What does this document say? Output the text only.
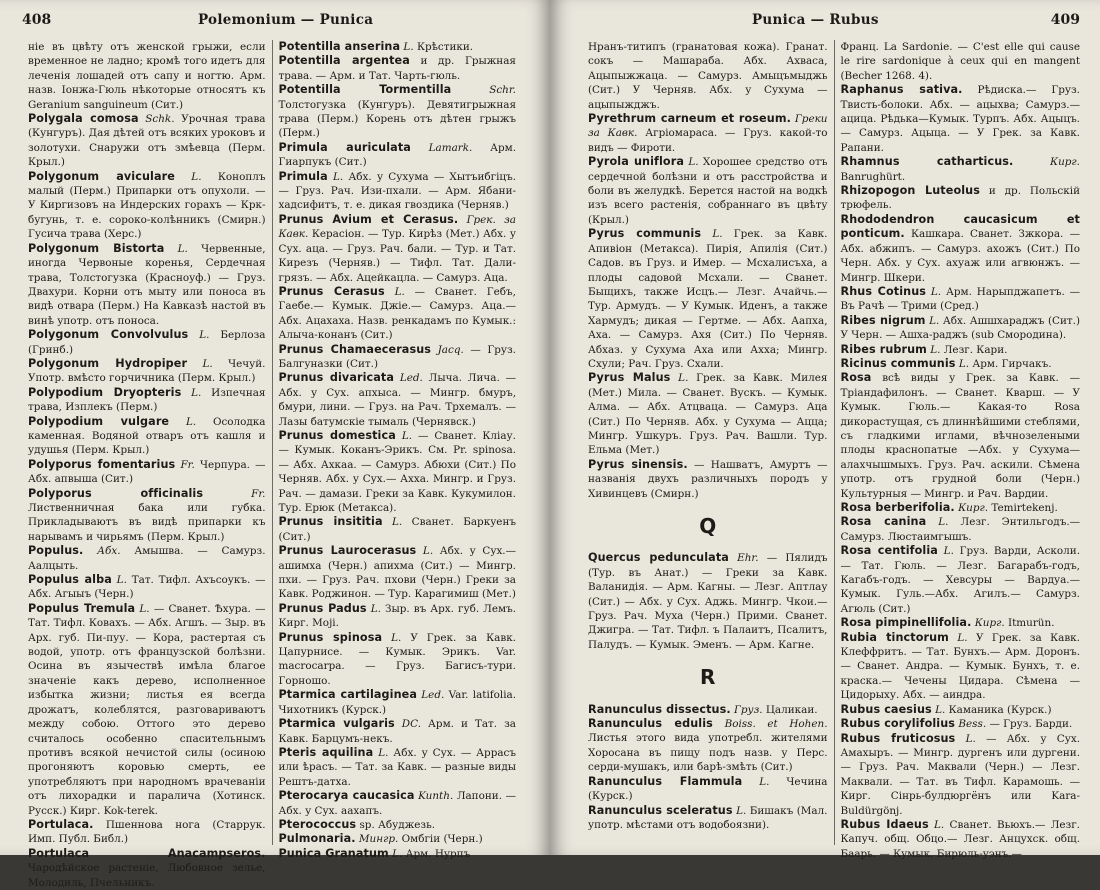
408	Polemonium — Punica

ніе въ цвѣту отъ женской грыжи, если временное не ладно; кромѣ того идетъ для леченія лошадей отъ сапу и ногтю. Арм. назв. Іонжа-Гюль нѣкоторые относятъ къ Geranium sanguineum (Сит.)

Polygala comosa Schk. Урочная трава (Кунгуръ). Дая дѣтей отъ всяких уроковъ и золотухи. Снаружи отъ змѣевца (Перм. Крыл.)

Polygonum aviculare L. Коноплъ малый (Перм.) Припарки отъ опухоли. — У Киргизовъ на Индерских горахъ — Крк-бугунь, т. е. сороко-колѣнникъ (Смирн.) Гусича трава (Херс.)

Polygonum Bistorta L. Червенные, иногда Червоные коренья, Сердечная трава, Толстогузка (Красноуф.) — Груз. Двахури. Корни отъ мыту или поноса въ видѣ отвара (Перм.) На Кавказѣ настой въ винѣ употр. отъ поноса.

Polygonum Convolvulus L. Берлоза (Гринб.)

Polygonum Hydropiper L. Чечуй. Употр. вмѣсто горчичника (Перм. Крыл.)

Polypodium Dryopteris L. Изпечная трава, Изплекъ (Перм.)

Polypodium vulgare L. Осолодка каменная. Водяной отваръ отъ кашля и удушья (Перм. Крыл.)

Polyporus fomentarius Fr. Черпура. — Абх. апвыша (Сит.)

Polyporus officinalis	Fr. Лиственничная бака или губка. Прикладываютъ въ видѣ припарки къ нарывамъ и чирьямъ (Перм. Крыл.)

Populus. Абх. Амышва. — Самурз. Аалцыть.

Populus alba L. Тат. Тифл. Ахъсоукъ. — Абх. Агыыъ (Черн.)

Populus Tremula L. — Сванет. Ѣхура. — Тат. Тифл. Ковахъ. — Абх. Агшъ. — Зыр. въ Арх. губ. Пи-пуу. — Кора, растертая съ водой, употр. отъ французской болѣзни. Осина въ язычествѣ имѣла благое значеніе какъ дерево, исполненное избытка жизни; листья ея всегда дрожатъ, колеблятся, разговариваютъ между собою. Оттого это дерево считалось особенно спасительнымъ противъ всякой нечистой силы (осиною прогоняютъ коровью смерть, ее употребляютъ при народномъ врачеваніи отъ лихорадки и паралича (Хотинск. Русск.) Кирг. Kok-terek.

Portulaca. Пшеннова нога (Старрук. Имп. Публ. Библ.)

Portulaca Anacampseros. Чародѣйское растеніе, Любовное зелье, Молодиль, Пчельникъ.

Potentilla anserina L. Крѣстики.

Potentilla argentea и др. Грыжная трава. — Арм. и Тат. Чарть-гюль.

Potentilla Tormentilla	Schr. Толстогузка (Кунгуръ). Девятигрыжная трава (Перм.) Корень отъ дѣтен грыжъ (Перм.)

Primula auriculata Lamark. Арм. Гиарпукъ (Сит.)

Primula L. Абх. у Сухума — Хытъибгіцъ. — Груз. Рач. Изи-пхали. — Арм. Ябани-хадсифитъ, т. е. дикая гвоздика (Черняв.)

Prunus Avium et Cerasus. Грек. за Кавк. Керасіон. — Тур. Кирѣз (Мет.) Абх. у Сух. аца. — Груз. Рач. бали. — Тур. и Тат. Кирезъ (Черняв.) — Тифл. Тат. Дали-грязъ. — Абх. Ацейкацла. — Самурз. Аца.

Prunus Cerasus L. — Сванет. Гебъ, Гаебе.— Кумык. Джіе.— Самурз. Аца.— Абх. Ацахаха. Назв. ренкадамъ по Кумык.: Алыча-конанъ (Сит.)

Prunus Chamaecerasus Jacq. — Груз. Балгуназки (Сит.)

Prunus divaricata Led. Лыча. Лича. — Абх. у Сух. апхыса. — Мингр. бмуръ, бмури, лини. — Груз. на Рач. Трхемалъ. — Лазы батумскіе тымаль (Чернявск.)

Prunus domestica L. — Сванет. Кліау. — Кумык. Коканъ-Эрикъ. См. Pr. spinosa. — Абх. Ахкаа. — Самурз. Абюхи (Сит.) По Черняв. Абх. у Сух.— Ахха. Мингр. и Груз. Рач. — дамази. Греки за Кавк. Кукумилон. Тур. Ерюк (Метакса).

Prunus insititia L. Сванет. Баркуенъ (Сит.)

Prunus Laurocerasus L. Абх. у Сух.— ашимха (Черн.) апихма (Сит.) — Мингр. пхи. — Груз. Рач. пхови (Черн.) Греки за Кавк. Роджинон. — Тур. Карагимиш (Мет.)

Prunus Padus L. Зыр. въ Арх. губ. Лемъ. Кирг. Moji.

Prunus spinosa L. У Грек. за Кавк. Цапурнисе. — Кумык. Эрикъ. Var. macrocarpa. — Груз. Багисъ-тури. Горношо.

Ptarmica cartilaginea Led. Var. latifolia. Чихотникъ (Курск.)

Ptarmica vulgaris DC. Арм. и Тат. за Кавк. Барцумъ-некъ.

Pteris aquilina L. Абх. у Сух. — Аррасъ или ѣрасъ. — Тат. за Кавк. — разные виды Рештъ-датха.

Pterocarya caucasica Kunth. Лапони. — Абх. у Сух. аахапъ.

Pterococcus sp. Абуджезь.

Pulmonaria. Мингр. Омбгіи (Черн.)

Punica Granatum L. Арм. Нурпъ

Punica — Rubus	409

Нранъ-титипъ (гранатовая кожа). Гранат. сокъ — Машараба. Абх. Ахваса, Ацыпыжжаца. — Самурз. Амыцъмыджь (Сит.) У Черняв. Абх. у Сухума — ацыпыжджъ.

Pyrethrum carneum et roseum. Греки за Кавк. Агріомараса. — Груз. какой-то видъ — Фироти.

Pyrola uniflora L. Хорошее средство отъ сердечной болѣзни и отъ расстройства и боли въ желудкѣ. Берется настой на водкѣ изъ всего растенія, собраннаго въ цвѣту (Крыл.)

Pyrus communis L. Грек. за Кавк. Апивіон (Метакса). Пирія, Апилія (Сит.) Садов. въ Груз. и Имер. — Мсхалисъха, а плоды садовой Мсхали. — Сванет. Быщихъ, также Исцъ.— Лезг. Ачайчь.— Тур. Армудъ. — У Кумык. Иденъ, а также Хармудъ; дикая — Гертме. — Абх. Аапха, Аха. — Самурз. Ахя (Сит.) По Черняв. Абхаз. у Сухума Аха или Ахха; Мингр. Схули; Рач. Груз. Схали.

Pyrus Malus L. Грек. за Кавк. Милея (Мет.) Мила. — Сванет. Вускъ. — Кумык. Алма. — Абх. Атцваца. — Самурз. Аца (Сит.) По Черняв. Абх. у Сухума — Ацца; Мингр. Ушкуръ. Груз. Рач. Вашли. Тур. Ельма (Мет.)

Pyrus sinensis. — Нашватъ, Амуртъ — названія двухъ различныхъ породъ у Хивинцевъ (Смирн.)

Q

Quercus pedunculata Ehr. — Пялидъ (Тур. въ Анат.) — Греки за Кавк. Валанидія. — Арм. Кагны. — Лезг. Аптлау (Сит.) — Абх. у Сух. Аджь. Мингр. Чкои.—Груз. Рач. Муха (Черн.) Прими. Сванет. Джигра. — Тат. Тифл. ъ Палаитъ, Псалитъ, Палудъ. — Кумык. Эменъ. — Арм. Кагне.

R

Ranunculus dissectus. Груз. Цаликаи.

Ranunculus edulis Boiss. et Hohen. Листья этого вида употребл. жителями Хоросана въ пищу подъ назв. у Перс. серди-мушакъ, или барѣ-змѣть (Сит.)

Ranunculus Flammula L. Чечина (Курск.)

Ranunculus sceleratus L. Бишакъ (Мал. употр. мѣстами отъ водобоязни).

Франц. La Sardonie. — C'est elle qui cause le rire sardonique à ceux qui en mangent (Becher 1268. 4).

Raphanus sativa. Рѣдиска.— Груз. Твисть-болоки. Абх. — ацыхва; Самурз.— ацица. Рѣдька—Кумык. Турпъ. Абх. Ацыцъ. — Самурз. Ацыца. — У Грек. за Кавк. Рапани.

Rhamnus catharticus.	Кирг. Banrughürt.

Rhizopogon Luteolus и др. Польскій трюфель.

Rhododendron caucasicum et ponticum. Кашкара. Сванет. Зжкора. — Абх. абжипъ. — Самурз. ахожъ (Сит.) По Черн. Абх. у Сух. ахуаж или агвюнжъ. — Мингр. Шкери.

Rhus Cotinus L. Арм. Нарыпджапетъ. — Въ Рачѣ — Трими (Сред.)

Ribes nigrum L. Абх. Ашшхараджъ (Сит.) У Черн. — Ашха-раджъ (sub Смородина).

Ribes rubrum L. Лезг. Кари.

Ricinus communis L. Арм. Гирчакъ.

Rosa всѣ виды у Грек. за Кавк. — Тріандафилонъ. — Сванет. Кварш. — У Кумык. Гюль.— Какая-то Rosa дикорастущая, съ длиннѣйшими стеблями, съ гладкими иглами, вѣчнозелеными плоды краснопатые —Абх. у Сухума— алахчышмыхъ. Груз. Рач. аскили. Сѣмена употр. отъ грудной боли (Черн.) Культурныя — Мингр. и Рач. Вардии.

Rosa berberifolia. Кирг. Temirtekenj.

Rosa canina L. Лезг. Энтильгодъ.— Самурз. Люстаимгышъ.

Rosa centifolia L. Груз. Варди, Асколи. — Тат. Гюль. — Лезг. Багарабъ-годъ, Кагабъ-годъ. — Хевсуры — Вардуа.—Кумык. Гуль.—Абх. Агилъ.— Самурз. Агюль (Сит.)

Rosa pimpinellifolia. Кирг. Itmurün.

Rubia tinctorum L. У Грек. за Кавк. Клеффритъ. — Тат. Бунхъ.— Арм. Доронъ. — Сванет. Андра. — Кумык. Бунхъ, т. е. краска.— Чечены Цидара. Сѣмена — Цидорыху. Абх. — аиндра.

Rubus caesius L. Каманика (Курск.)

Rubus corylifolius Bess. — Груз. Барди.

Rubus fruticosus L. — Абх. у Сух. Амахыръ. — Мингр. дургенъ или дургени. — Груз. Рач. Маквали (Черн.) — Лезг. Маквали. — Тат. въ Тифл. Карамошь. — Кирг. Сінрь-булдюргёнъ или Kara-Buldürgönj.

Rubus Idaeus L. Сванет. Вьюхъ.— Лезг. Капуч. общ. Обцо.— Лезг. Анцухск. общ. Баарь. — Кумык. Бирюль-уэнъ.—
